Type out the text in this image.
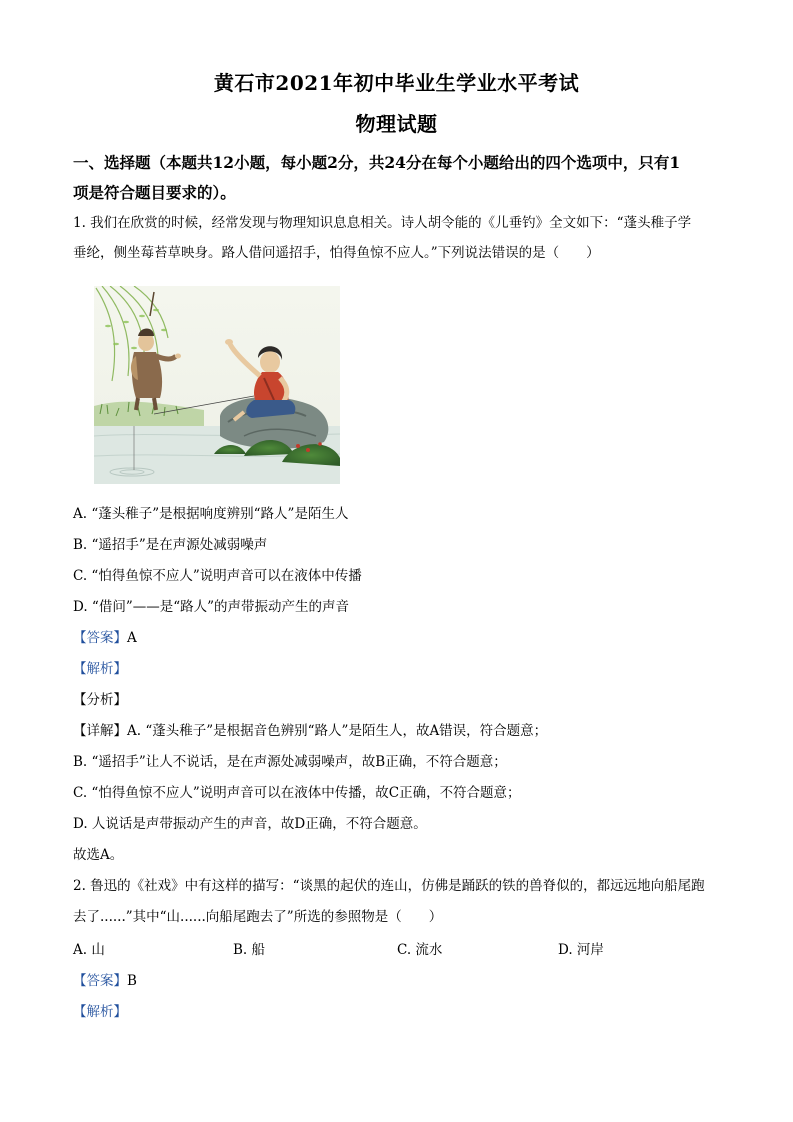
黄石市2021年初中毕业生学业水平考试
物理试题
一、选择题（本题共12小题，每小题2分，共24分在每个小题给出的四个选项中，只有1
项是符合题目要求的）。
1. 我们在欣赏的时候，经常发现与物理知识息息相关。诗人胡令能的《儿垂钓》全文如下：“蓬头稚子学
垂纶，侧坐莓苔草映身。路人借问遥招手，怕得鱼惊不应人。”下列说法错误的是（　　）
A. “蓬头稚子”是根据响度辨别“路人”是陌生人
B. “遥招手”是在声源处减弱噪声
C. “怕得鱼惊不应人”说明声音可以在液体中传播
D. “借问”——是“路人”的声带振动产生的声音
【答案】A
【解析】
【分析】
【详解】A. “蓬头稚子”是根据音色辨别“路人”是陌生人，故A错误，符合题意；
B. “遥招手”让人不说话，是在声源处减弱噪声，故B正确，不符合题意；
C. “怕得鱼惊不应人”说明声音可以在液体中传播，故C正确，不符合题意；
D. 人说话是声带振动产生的声音，故D正确，不符合题意。
故选A。
2. 鲁迅的《社戏》中有这样的描写：“谈黑的起伏的连山，仿佛是踊跃的铁的兽脊似的，都远远地向船尾跑
去了......”其中“山......向船尾跑去了”所选的参照物是（　　）
A. 山	B. 船	C. 流水	D. 河岸
【答案】B
【解析】
